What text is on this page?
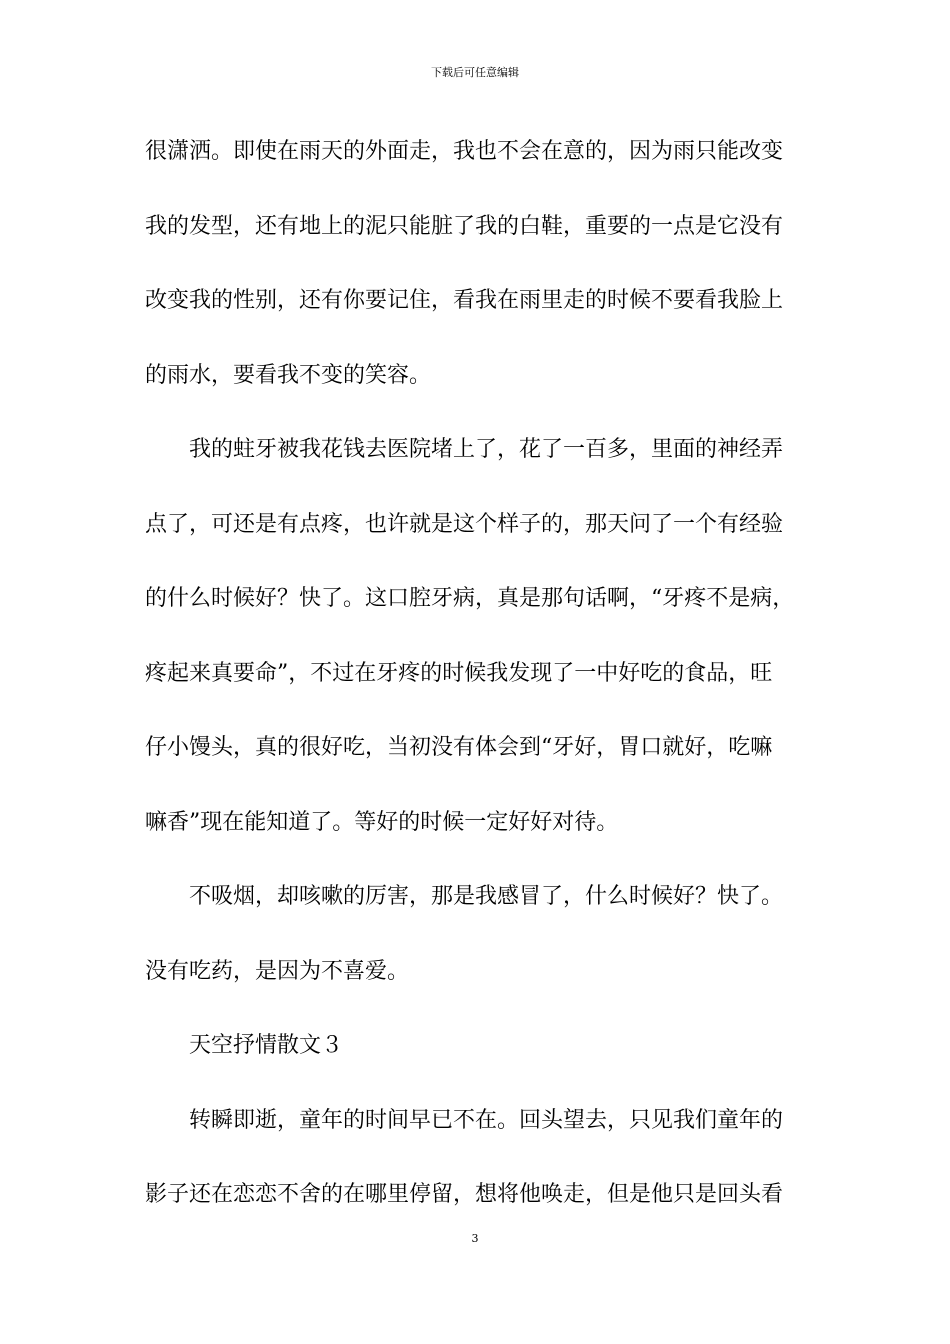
下载后可任意编辑
很潇洒。即使在雨天的外面走，我也不会在意的，因为雨只能改变
我的发型，还有地上的泥只能脏了我的白鞋，重要的一点是它没有
改变我的性别，还有你要记住，看我在雨里走的时候不要看我脸上
的雨水，要看我不变的笑容。
　　我的蛀牙被我花钱去医院堵上了，花了一百多，里面的神经弄
点了，可还是有点疼，也许就是这个样子的，那天问了一个有经验
的什么时候好？快了。这口腔牙病，真是那句话啊，“牙疼不是病，
疼起来真要命”，不过在牙疼的时候我发现了一中好吃的食品，旺
仔小馒头，真的很好吃，当初没有体会到“牙好，胃口就好，吃嘛
嘛香”现在能知道了。等好的时候一定好好对待。
　　不吸烟，却咳嗽的厉害，那是我感冒了，什么时候好？快了。
没有吃药，是因为不喜爱。
　　天空抒情散文３
　　转瞬即逝，童年的时间早已不在。回头望去，只见我们童年的
影子还在恋恋不舍的在哪里停留，想将他唤走，但是他只是回头看
3
